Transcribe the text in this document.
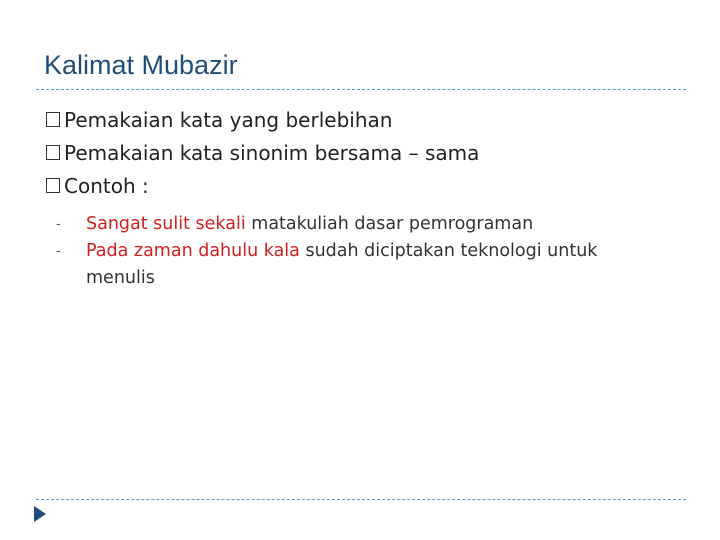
Kalimat Mubazir
Pemakaian kata yang berlebihan
Pemakaian kata sinonim bersama – sama
Contoh :
-	Sangat sulit sekali matakuliah dasar pemrograman
-	Pada zaman dahulu kala sudah diciptakan teknologi untuk menulis
